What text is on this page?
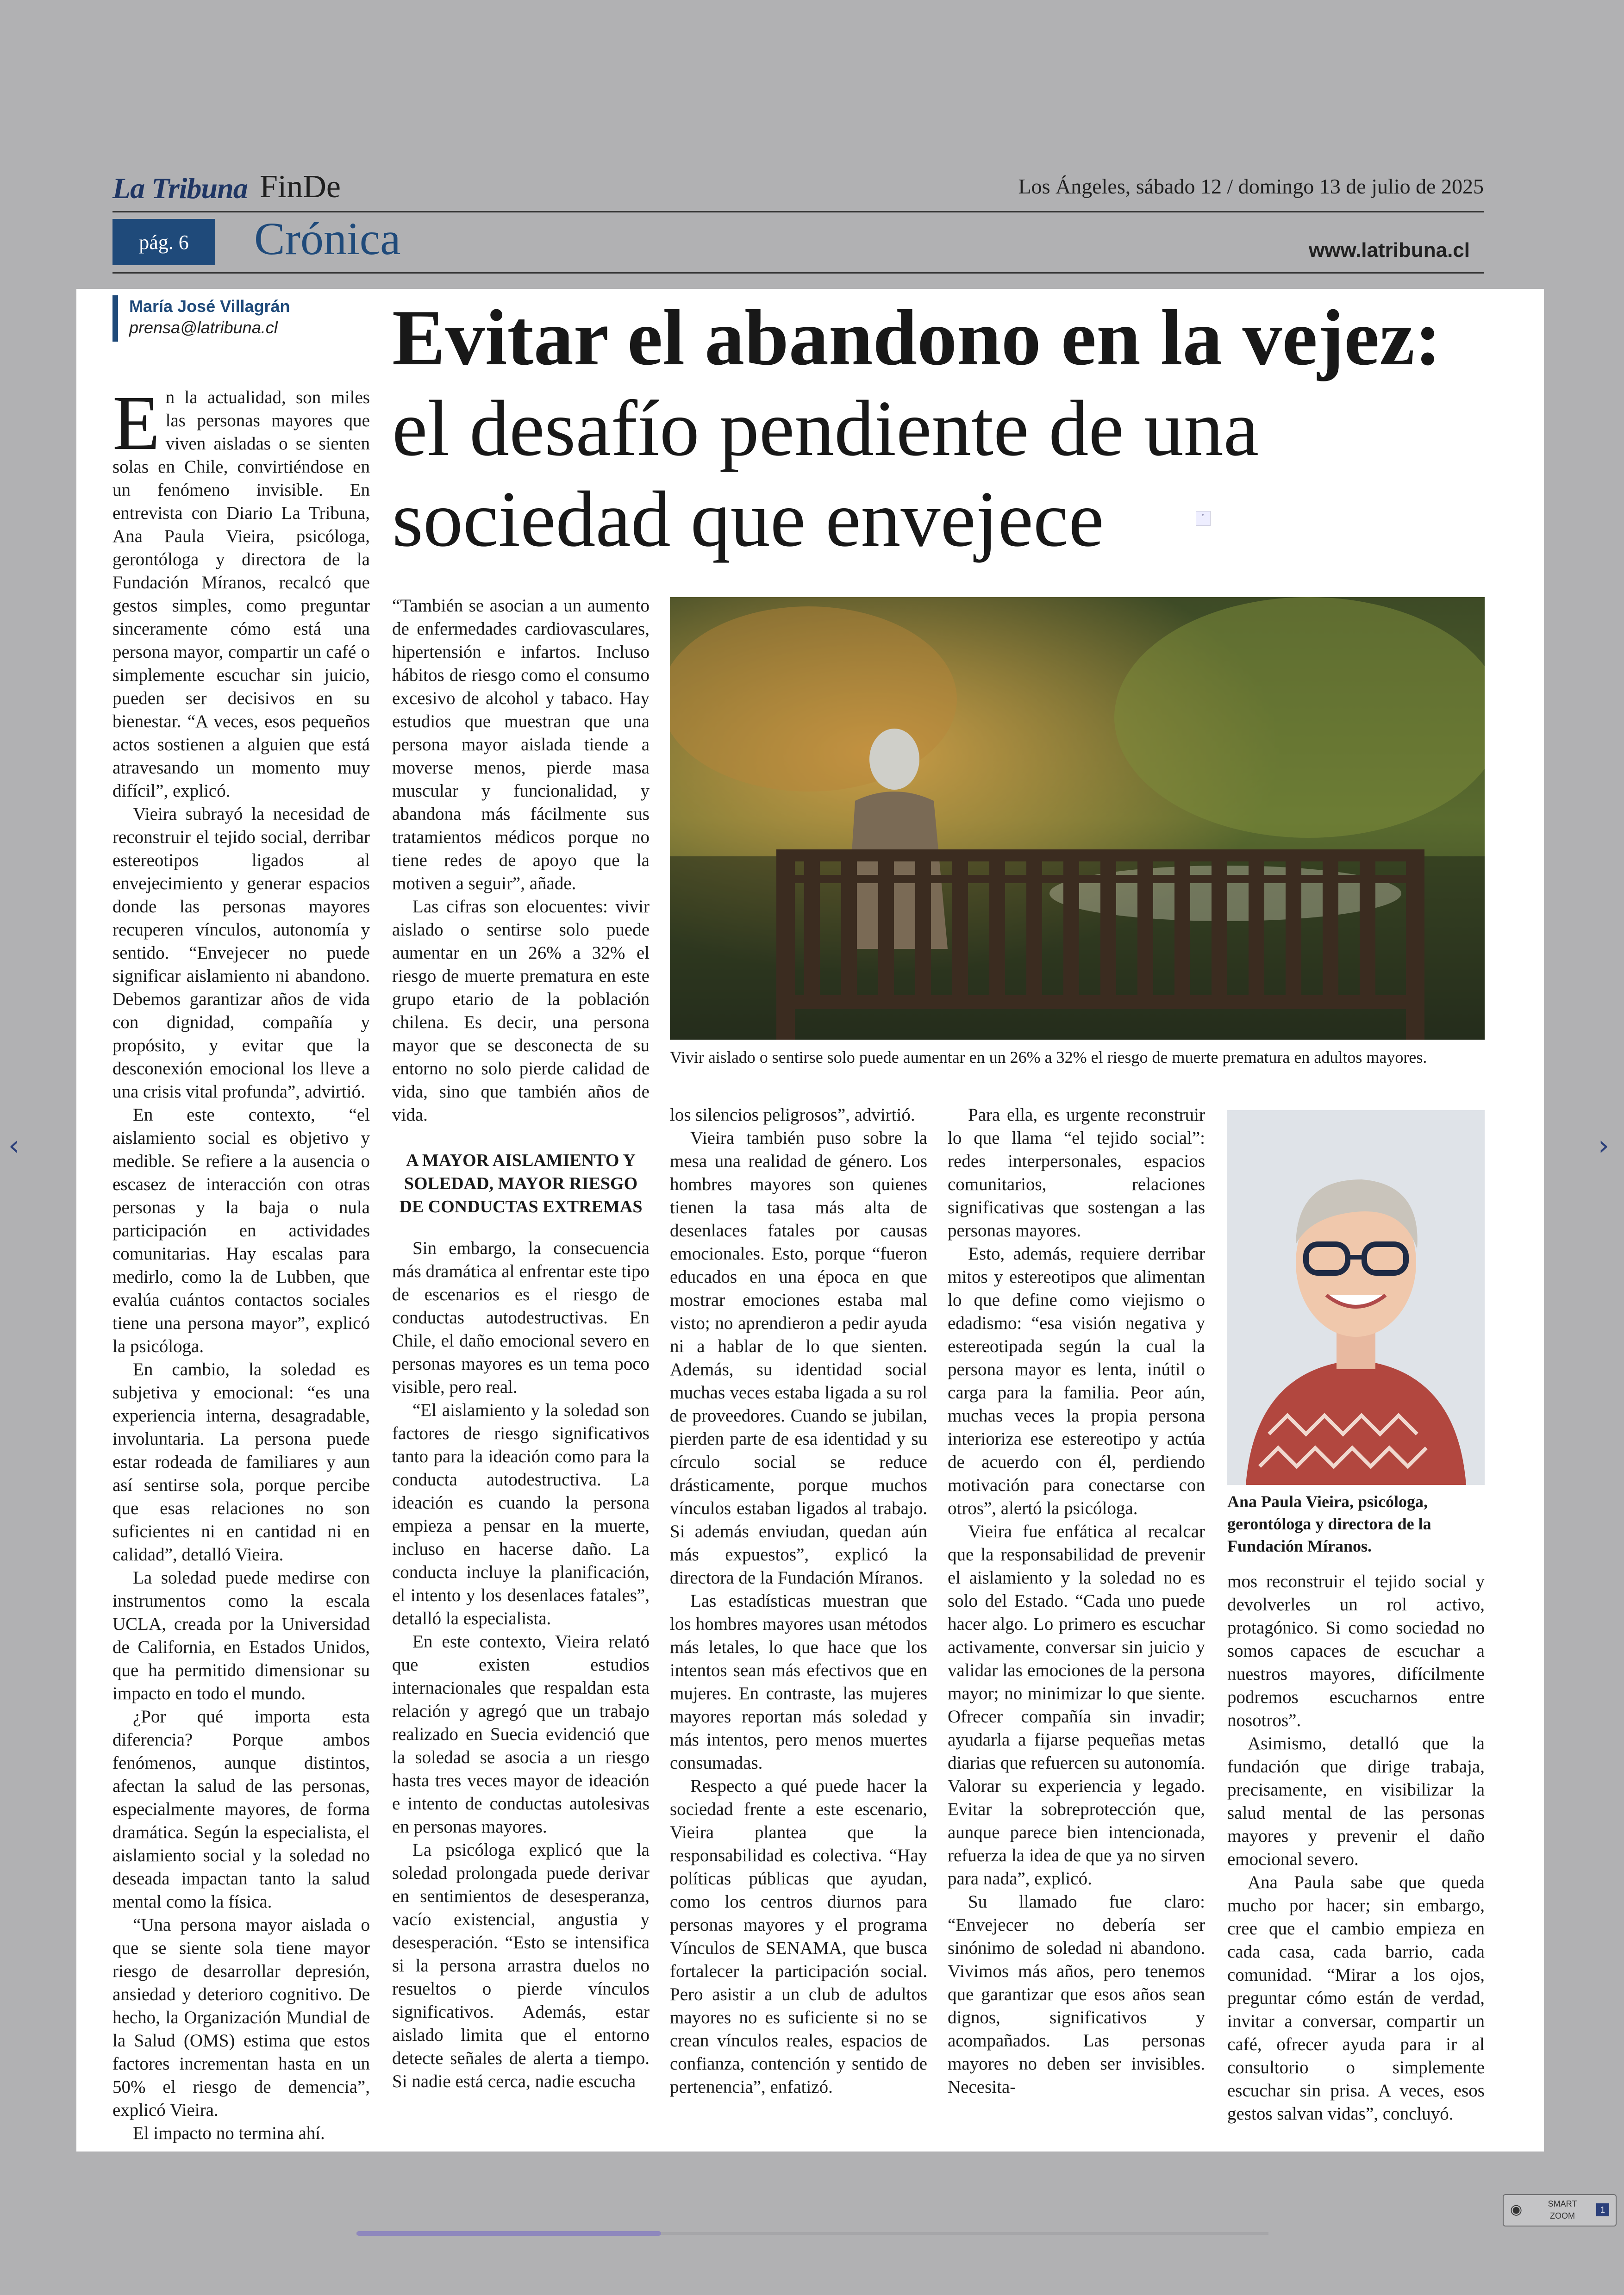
La Tribuna FinDe	Los Ángeles, sábado 12 / domingo 13 de julio de 2025
pág. 6	Crónica	www.latribuna.cl
María José Villagrán
prensa@latribuna.cl Evitar el abandono en la vejez: el desafío pendiente de una sociedad que envejece	▫

En la actualidad, son miles las personas mayores que viven aisladas o se sienten solas en Chile, convirtiéndose en un fenómeno invisible. En entrevista con Diario La Tribuna, Ana Paula Vieira, psicóloga, gerontóloga y directora de la Fundación Míranos, recalcó que gestos simples, como preguntar sinceramente cómo está una persona mayor, compartir un café o simplemente escuchar sin juicio, pueden ser decisivos en su bienestar. “A veces, esos pequeños actos sostienen a alguien que está atravesando un momento muy difícil”, explicó.

Vieira subrayó la necesidad de reconstruir el tejido social, derribar estereotipos ligados al envejecimiento y generar espacios donde las personas mayores recuperen vínculos, autonomía y sentido. “Envejecer no puede significar aislamiento ni abandono. Debemos garantizar años de vida con dignidad, compañía y propósito, y evitar que la desconexión emocional los lleve a una crisis vital profunda”, advirtió.

En este contexto, “el aislamiento social es objetivo y medible. Se refiere a la ausencia o escasez de interacción con otras personas y la baja o nula participación en actividades comunitarias. Hay escalas para medirlo, como la de Lubben, que evalúa cuántos contactos sociales tiene una persona mayor”, explicó la psicóloga.

En cambio, la soledad es subjetiva y emocional: “es una experiencia interna, desagradable, involuntaria. La persona puede estar rodeada de familiares y aun así sentirse sola, porque percibe que esas relaciones no son suficientes ni en cantidad ni en calidad”, detalló Vieira.

La soledad puede medirse con instrumentos como la escala UCLA, creada por la Universidad de California, en Estados Unidos, que ha permitido dimensionar su impacto en todo el mundo.

¿Por qué importa esta diferencia? Porque ambos fenómenos, aunque distintos, afectan la salud de las personas, especialmente mayores, de forma dramática. Según la especialista, el aislamiento social y la soledad no deseada impactan tanto la salud mental como la física.

“Una persona mayor aislada o que se siente sola tiene mayor riesgo de desarrollar depresión, ansiedad y deterioro cognitivo. De hecho, la Organización Mundial de la Salud (OMS) estima que estos factores incrementan hasta en un 50% el riesgo de demencia”, explicó Vieira.

El impacto no termina ahí.

“También se asocian a un aumento de enfermedades cardiovasculares, hipertensión e infartos. Incluso hábitos de riesgo como el consumo excesivo de alcohol y tabaco. Hay estudios que muestran que una persona mayor aislada tiende a moverse menos, pierde masa muscular y funcionalidad, y abandona más fácilmente sus tratamientos médicos porque no tiene redes de apoyo que la motiven a seguir”, añade.

Las cifras son elocuentes: vivir aislado o sentirse solo puede aumentar en un 26% a 32% el riesgo de muerte prematura en este grupo etario de la población chilena. Es decir, una persona mayor que se desconecta de su entorno no solo pierde calidad de vida, sino que también años de vida.

A MAYOR AISLAMIENTO Y SOLEDAD, MAYOR RIESGO DE CONDUCTAS EXTREMAS

Sin embargo, la consecuencia más dramática al enfrentar este tipo de escenarios es el riesgo de conductas autodestructivas. En Chile, el daño emocional severo en personas mayores es un tema poco visible, pero real.

“El aislamiento y la soledad son factores de riesgo significativos tanto para la ideación como para la conducta autodestructiva. La ideación es cuando la persona empieza a pensar en la muerte, incluso en hacerse daño. La conducta incluye la planificación, el intento y los desenlaces fatales”, detalló la especialista.

En este contexto, Vieira relató que existen estudios internacionales que respaldan esta relación y agregó que un trabajo realizado en Suecia evidenció que la soledad se asocia a un riesgo hasta tres veces mayor de ideación e intento de conductas autolesivas en personas mayores.

La psicóloga explicó que la soledad prolongada puede derivar en sentimientos de desesperanza, vacío existencial, angustia y desesperación. “Esto se intensifica si la persona arrastra duelos no resueltos o pierde vínculos significativos. Además, estar aislado limita que el entorno detecte señales de alerta a tiempo. Si nadie está cerca, nadie escucha

Vivir aislado o sentirse solo puede aumentar en un 26% a 32% el riesgo de muerte prematura en adultos mayores.

los silencios peligrosos”, advirtió.

Vieira también puso sobre la mesa una realidad de género. Los hombres mayores son quienes tienen la tasa más alta de desenlaces fatales por causas emocionales. Esto, porque “fueron educados en una época en que mostrar emociones estaba mal visto; no aprendieron a pedir ayuda ni a hablar de lo que sienten. Además, su identidad social muchas veces estaba ligada a su rol de proveedores. Cuando se jubilan, pierden parte de esa identidad y su círculo social se reduce drásticamente, porque muchos vínculos estaban ligados al trabajo. Si además enviudan, quedan aún más expuestos”, explicó la directora de la Fundación Míranos.

Las estadísticas muestran que los hombres mayores usan métodos más letales, lo que hace que los intentos sean más efectivos que en mujeres. En contraste, las mujeres mayores reportan más soledad y más intentos, pero menos muertes consumadas.

Respecto a qué puede hacer la sociedad frente a este escenario, Vieira plantea que la responsabilidad es colectiva. “Hay políticas públicas que ayudan, como los centros diurnos para personas mayores y el programa Vínculos de SENAMA, que busca fortalecer la participación social. Pero asistir a un club de adultos mayores no es suficiente si no se crean vínculos reales, espacios de confianza, contención y sentido de pertenencia”, enfatizó.

Para ella, es urgente reconstruir lo que llama “el tejido social”: redes interpersonales, espacios comunitarios, relaciones significativas que sostengan a las personas mayores.

Esto, además, requiere derribar mitos y estereotipos que alimentan lo que define como viejismo o edadismo: “esa visión negativa y estereotipada según la cual la persona mayor es lenta, inútil o carga para la familia. Peor aún, muchas veces la propia persona interioriza ese estereotipo y actúa de acuerdo con él, perdiendo motivación para conectarse con otros”, alertó la psicóloga.

Vieira fue enfática al recalcar que la responsabilidad de prevenir el aislamiento y la soledad no es solo del Estado. “Cada uno puede hacer algo. Lo primero es escuchar activamente, conversar sin juicio y validar las emociones de la persona mayor; no minimizar lo que siente. Ofrecer compañía sin invadir; ayudarla a fijarse pequeñas metas diarias que refuercen su autonomía. Valorar su experiencia y legado. Evitar la sobreprotección que, aunque parece bien intencionada, refuerza la idea de que ya no sirven para nada”, explicó.

Su llamado fue claro: “Envejecer no debería ser sinónimo de soledad ni abandono. Vivimos más años, pero tenemos que garantizar que esos años sean dignos, significativos y acompañados. Las personas mayores no deben ser invisibles. Necesita-

Ana Paula Vieira, psicóloga, gerontóloga y directora de la Fundación Míranos.

mos reconstruir el tejido social y devolverles un rol activo, protagónico. Si como sociedad no somos capaces de escuchar a nuestros mayores, difícilmente podremos escucharnos entre nosotros”.

Asimismo, detalló que la fundación que dirige trabaja, precisamente, en visibilizar la salud mental de las personas mayores y prevenir el daño emocional severo.

Ana Paula sabe que queda mucho por hacer; sin embargo, cree que el cambio empieza en cada casa, cada barrio, cada comunidad. “Mirar a los ojos, preguntar cómo están de verdad, invitar a conversar, compartir un café, ofrecer ayuda para ir al consultorio o simplemente escuchar sin prisa. A veces, esos gestos salvan vidas”, concluyó.

‹	›
◉	SMART ZOOM
1
